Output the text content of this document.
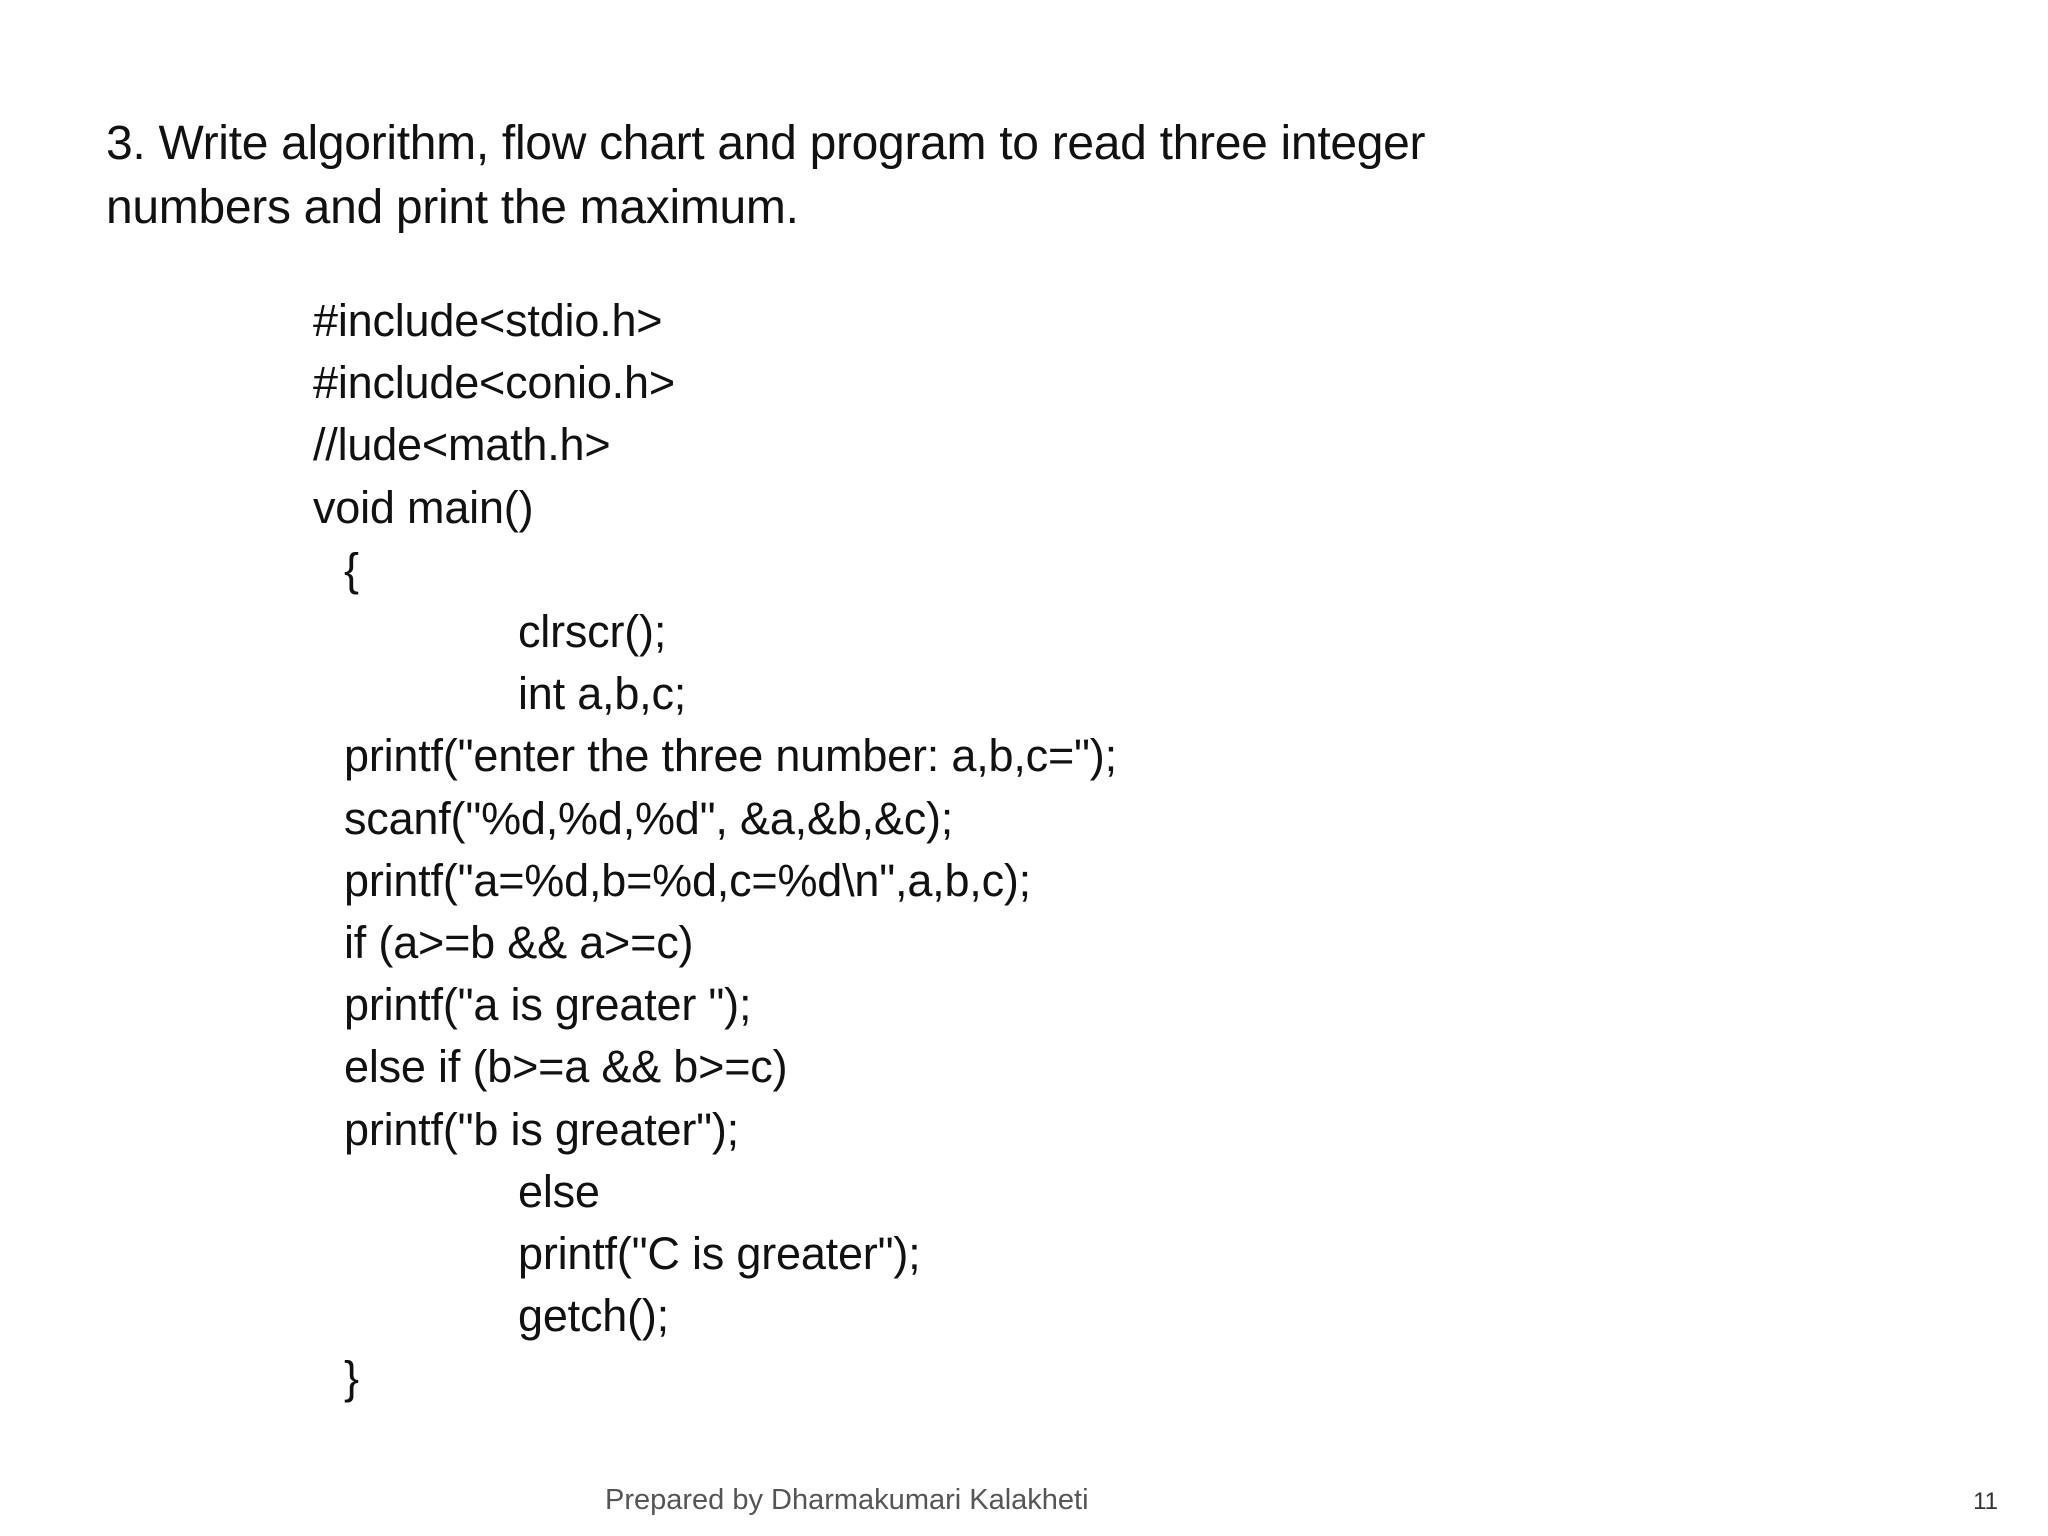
3. Write algorithm, flow chart and program to read three integer
numbers and print the maximum.
#include<stdio.h>
#include<conio.h>
//lude<math.h>
void main()
{
clrscr();
int a,b,c;
printf("enter the three number: a,b,c=");
scanf("%d,%d,%d", &a,&b,&c);
printf("a=%d,b=%d,c=%d\n",a,b,c);
if (a>=b && a>=c)
printf("a is greater ");
else if (b>=a && b>=c)
printf("b is greater");
else
printf("C is greater");
getch();
}
Prepared by Dharmakumari Kalakheti	11
